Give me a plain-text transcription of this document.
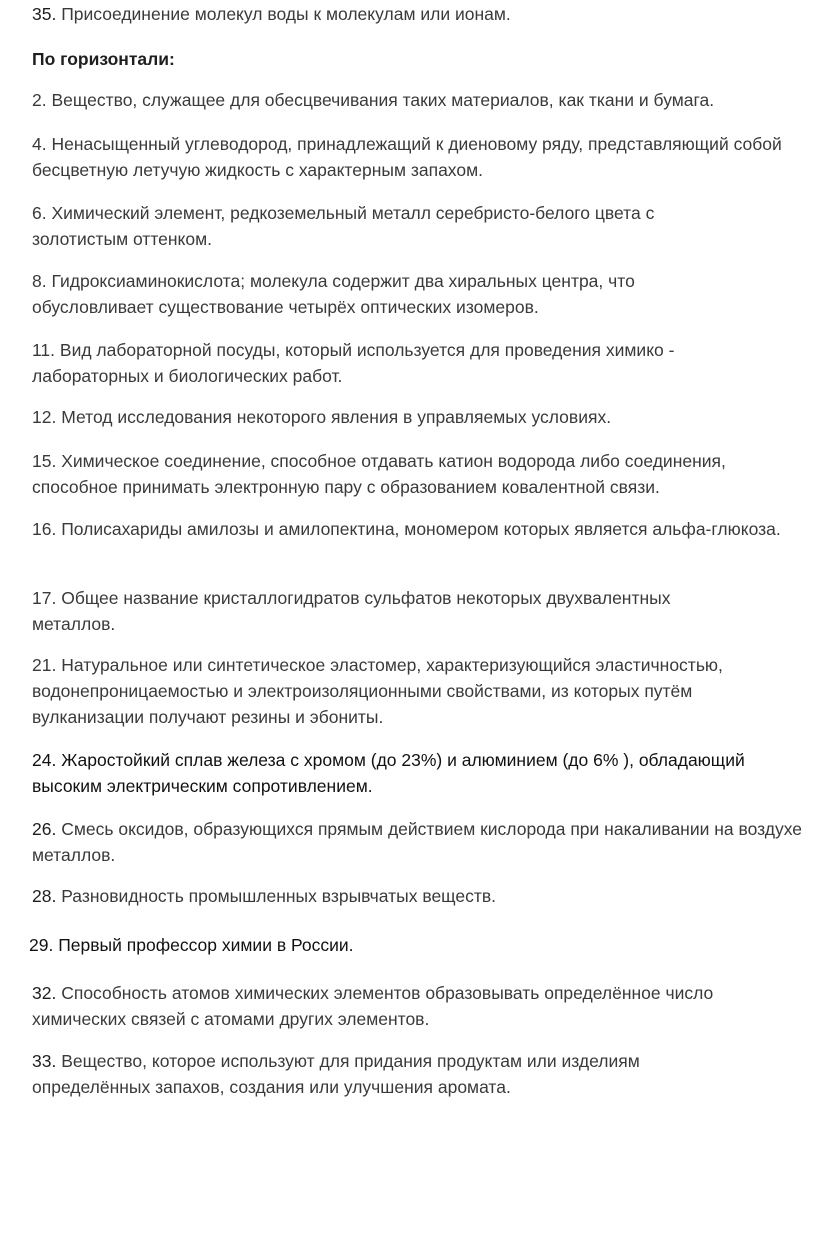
35. Присоединение молекул воды к молекулам или ионам.

По горизонтали:

2. Вещество, служащее для обесцвечивания таких материалов, как ткани и бумага.

4. Ненасыщенный углеводород, принадлежащий к диеновому ряду, представляющий собой бесцветную летучую жидкость с характерным запахом.

6. Химический элемент, редкоземельный металл серебристо-белого цвета с золотистым оттенком.

8. Гидроксиаминокислота; молекула содержит два хиральных центра, что обусловливает существование четырёх оптических изомеров.

11. Вид лабораторной посуды, который используется для проведения химико - лабораторных и биологических работ.

12. Метод исследования некоторого явления в управляемых условиях.

15. Химическое соединение, способное отдавать катион водорода либо соединения, способное принимать электронную пару с образованием ковалентной связи.

16. Полисахариды амилозы и амилопектина, мономером которых является альфа-глюкоза.

17. Общее название кристаллогидратов сульфатов некоторых двухвалентных металлов.

21. Натуральное или синтетическое эластомер, характеризующийся эластичностью, водонепроницаемостью и электроизоляционными свойствами, из которых путём вулканизации получают резины и эбониты.

24. Жаростойкий сплав железа с хромом (до 23%) и алюминием (до 6% ), обладающий высоким электрическим сопротивлением.

26. Смесь оксидов, образующихся прямым действием кислорода при накаливании на воздухе металлов.

28. Разновидность промышленных взрывчатых веществ.

29. Первый профессор химии в России.

32. Способность атомов химических элементов образовывать определённое число химических связей с атомами других элементов.

33. Вещество, которое используют для придания продуктам или изделиям определённых запахов, создания или улучшения аромата.
